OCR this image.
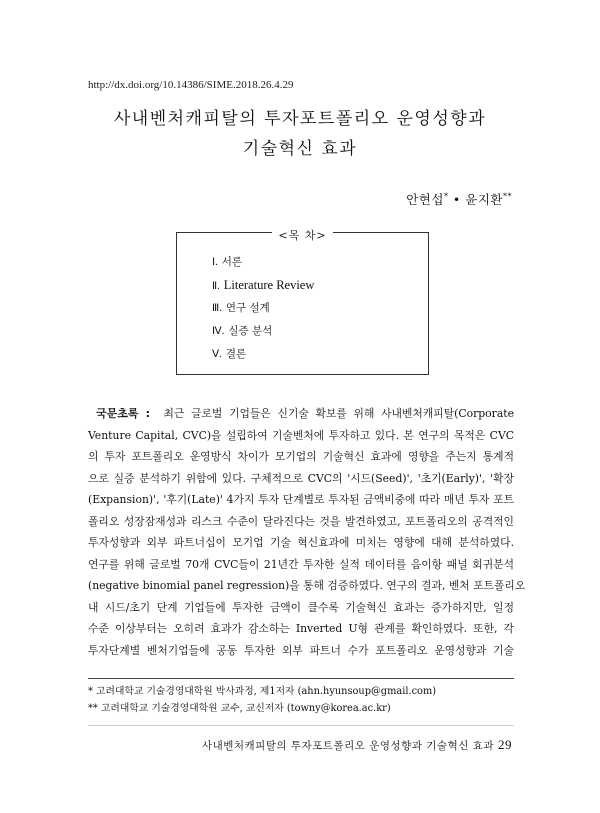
http://dx.doi.org/10.14386/SIME.2018.26.4.29
사내벤처캐피탈의 투자포트폴리오 운영성향과
기술혁신 효과
안현섭* • 윤지환**
<목 차>
Ⅰ. 서론
Ⅱ. Literature Review
Ⅲ. 연구 설계
Ⅳ. 실증 분석
Ⅴ. 결론
국문초록 : 최근 글로벌 기업들은 신기술 확보를 위해 사내벤처캐피탈(Corporate
Venture Capital, CVC)을 설립하여 기술벤처에 투자하고 있다. 본 연구의 목적은 CVC
의 투자 포트폴리오 운영방식 차이가 모기업의 기술혁신 효과에 영향을 주는지 통계적
으로 실증 분석하기 위함에 있다. 구체적으로 CVC의 '시드(Seed)', '초기(Early)', '확장
(Expansion)', '후기(Late)' 4가지 투자 단계별로 투자된 금액비중에 따라 매년 투자 포트
폴리오 성장잠재성과 리스크 수준이 달라진다는 것을 발견하였고, 포트폴리오의 공격적인
투자성향과 외부 파트너십이 모기업 기술 혁신효과에 미치는 영향에 대해 분석하였다.
연구를 위해 글로벌 70개 CVC들이 21년간 투자한 실적 데이터를 음이항 패널 회귀분석
(negative binomial panel regression)을 통해 검증하였다. 연구의 결과, 벤처 포트폴리오
내 시드/초기 단계 기업들에 투자한 금액이 클수록 기술혁신 효과는 증가하지만, 일정
수준 이상부터는 오히려 효과가 감소하는 Inverted U형 관계를 확인하였다. 또한, 각
투자단계별 벤처기업들에 공동 투자한 외부 파트너 수가 포트폴리오 운영성향과 기술
* 고려대학교 기술경영대학원 박사과정, 제1저자 (ahn.hyunsoup@gmail.com)
** 고려대학교 기술경영대학원 교수, 교신저자 (towny@korea.ac.kr)
사내벤처캐피탈의 투자포트폴리오 운영성향과 기술혁신 효과 29
